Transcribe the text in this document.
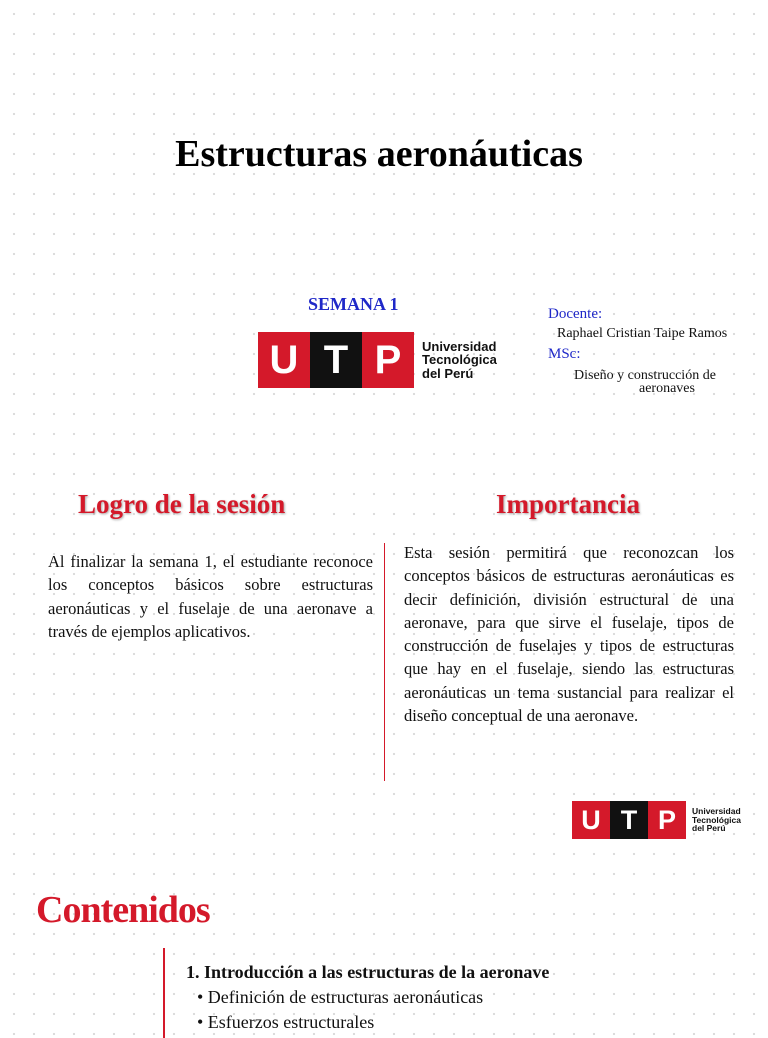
Estructuras aeronáuticas
SEMANA 1
U T P	Universidad
Tecnológica
del Perú
Docente:
Raphael Cristian Taipe Ramos
MSc:
Diseño y construcción de
aeronaves
Logro de la sesión	Importancia

Al finalizar la semana 1, el estudiante reconoce los conceptos básicos sobre estructuras aeronáuticas y el fuselaje de una aeronave a través de ejemplos aplicativos.

Esta sesión permitirá que reconozcan los conceptos básicos de estructuras aeronáuticas es decir definición, división estructural de una aeronave, para que sirve el fuselaje, tipos de construcción de fuselajes y tipos de estructuras que hay en el fuselaje, siendo las estructuras aeronáuticas un tema sustancial para realizar el diseño conceptual de una aeronave.

U T P	Universidad
Tecnológica
del Perú
Contenidos
1. Introducción a las estructuras de la aeronave
• Definición de estructuras aeronáuticas
• Esfuerzos estructurales
